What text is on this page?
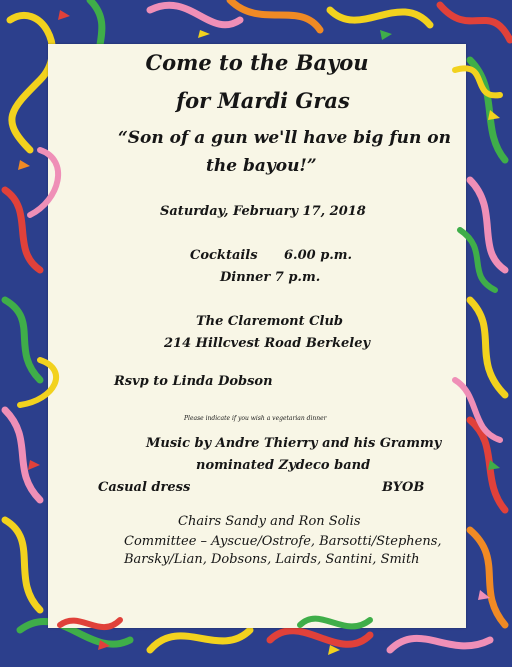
Come to the Bayou
for Mardi Gras
“Son of a gun we'll have big fun on
the bayou!”
Saturday, February 17, 2018
Cocktails 6.00 p.m.
Dinner 7 p.m.
The Claremont Club
214 Hillcvest Road Berkeley
Rsvp to Linda Dobson
Please indicate if you wish a vegetarian dinner
Music by Andre Thierry and his Grammy
nominated Zydeco band
Casual dress	BYOB
Chairs Sandy and Ron Solis
Committee – Ayscue/Ostrofe, Barsotti/Stephens,
Barsky/Lian, Dobsons, Lairds, Santini, Smith
